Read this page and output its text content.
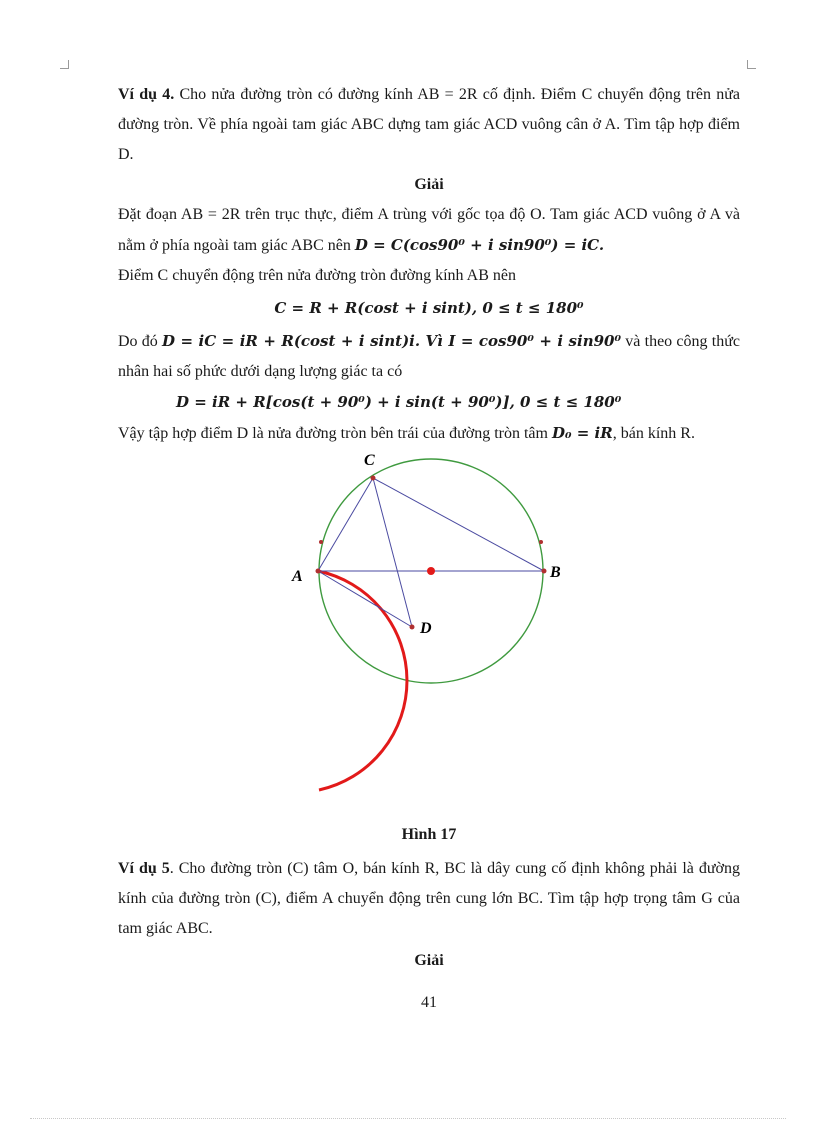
Ví dụ 4. Cho nửa đường tròn có đường kính AB = 2R cố định. Điểm C chuyển động trên nửa đường tròn. Về phía ngoài tam giác ABC dựng tam giác ACD vuông cân ở A. Tìm tập hợp điểm D.

Giải

Đặt đoạn AB = 2R trên trục thực, điểm A trùng với gốc tọa độ O. Tam giác ACD vuông ở A và nằm ở phía ngoài tam giác ABC nên D = C(cos90⁰ + i sin90⁰) = iC.

Điểm C chuyển động trên nửa đường tròn đường kính AB nên

C = R + R(cost + i sint), 0 ≤ t ≤ 180⁰

Do đó D = iC = iR + R(cost + i sint)i. Vì I = cos90⁰ + i sin90⁰ và theo công thức nhân hai số phức dưới dạng lượng giác ta có

D = iR + R[cos(t + 90⁰) + i sin(t + 90⁰)], 0 ≤ t ≤ 180⁰

Vậy tập hợp điểm D là nửa đường tròn bên trái của đường tròn tâm D₀ = iR, bán kính R.

A	B
C
D

Hình 17

Ví dụ 5. Cho đường tròn (C) tâm O, bán kính R, BC là dây cung cố định không phải là đường kính của đường tròn (C), điểm A chuyển động trên cung lớn BC. Tìm tập hợp trọng tâm G của tam giác ABC.

Giải

41
